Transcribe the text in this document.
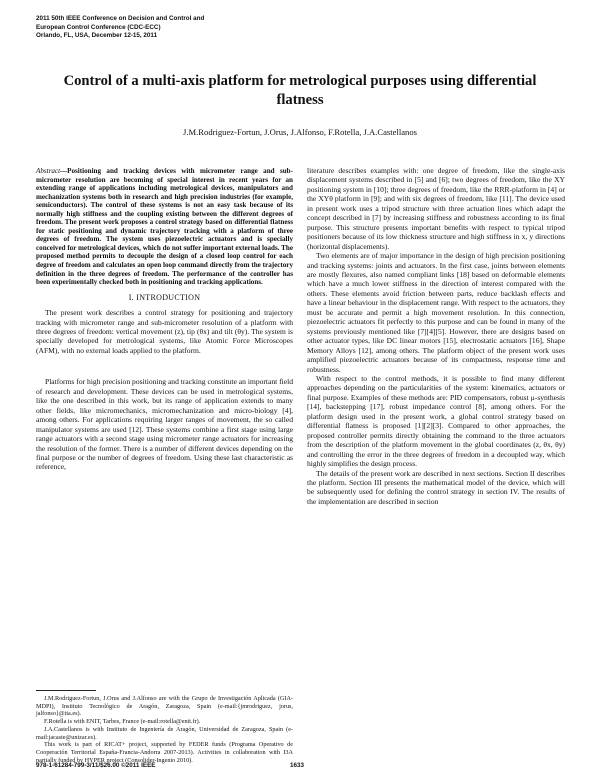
2011 50th IEEE Conference on Decision and Control and
European Control Conference (CDC-ECC)
Orlando, FL, USA, December 12-15, 2011
Control of a multi-axis platform for metrological purposes using differential flatness
J.M.Rodriguez-Fortun, J.Orus, J.Alfonso, F.Rotella, J.A.Castellanos
Abstract—Positioning and tracking devices with micrometer range and sub-micrometer resolution are becoming of special interest in recent years for an extending range of applications including metrological devices, manipulators and mechanization systems both in research and high precision industries (for example, semiconductors). The control of these systems is not an easy task because of its normally high stiffness and the coupling existing between the different degrees of freedom. The present work proposes a control strategy based on differential flatness for static positioning and dynamic trajectory tracking with a platform of three degrees of freedom. The system uses piezoelectric actuators and is specially conceived for metrological devices, which do not suffer important external loads. The proposed method permits to decouple the design of a closed loop control for each degree of freedom and calculates an open loop command directly from the trajectory definition in the three degrees of freedom. The performance of the controller has been experimentally checked both in positioning and tracking applications.
I. INTRODUCTION

The present work describes a control strategy for positioning and trajectory tracking with micrometer range and sub-micrometer resolution of a platform with three degrees of freedom: vertical movement (z), tip (θx) and tilt (θy). The system is specially developed for metrological systems, like Atomic Force Microscopes (AFM), with no external loads applied to the platform.

Platforms for high precision positioning and tracking constitute an important field of research and development. These devices can be used in metrological systems, like the one described in this work, but its range of application extends to many other fields, like micromechanics, micromechanization and micro-biology [4], among others. For applications requiring larger ranges of movement, the so called manipulator systems are used [12]. These systems combine a first stage using large range actuators with a second stage using micrometer range actuators for increasing the resolution of the former. There is a number of different devices depending on the final purpose or the number of degrees of freedom. Using these last characteristic as reference,

J.M.Rodriguez-Fortun, J.Orus and J.Alfonso are with the Grupo de Investigación Aplicada (GIA-MDPI), Instituto Tecnológico de Aragón, Zaragoza, Spain (e-mail:{jmrodriguez, jorus, jalfonso}@ita.es).

F.Rotella is with ENIT, Tarbes, France (e-mail:rotella@enit.fr).

J.A.Castellanos is with Instituto de Ingeniería de Aragón, Universidad de Zaragoza, Spain (e-mail:jacaste@unizar.es).

This work is part of RICAT+ project, supported by FEDER funds (Programa Operativo de Cooperación Territorial España-Francia-Andorra 2007-2013). Activities in collaboration with I3A partially funded by HYPER project (Consolider-Ingenio 2010).

literature describes examples with: one degree of freedom, like the single-axis displacement systems described in [5] and [6]; two degrees of freedom, like the XY positioning system in [10]; three degrees of freedom, like the RRR-platform in [4] or the XYθ platform in [9]; and with six degrees of freedom, like [11]. The device used in present work uses a tripod structure with three actuation lines which adapt the concept described in [7] by increasing stiffness and robustness according to its final purpose. This structure presents important benefits with respect to typical tripod positioners because of its low thickness structure and high stiffness in x, y directions (horizontal displacements).

Two elements are of major importance in the design of high precision positioning and tracking systems: joints and actuators. In the first case, joints between elements are mostly flexures, also named compliant links [18] based on deformable elements which have a much lower stiffness in the direction of interest compared with the others. These elements avoid friction between parts, reduce backlash effects and have a linear behaviour in the displacement range. With respect to the actuators, they must be accurate and permit a high movement resolution. In this connection, piezoelectric actuators fit perfectly to this purpose and can be found in many of the systems previously mentioned like [7][4][5]. However, there are designs based on other actuator types, like DC linear motors [15], electrostatic actuators [16], Shape Memory Alloys [12], among others. The platform object of the present work uses amplified piezoelectric actuators because of its compactness, response time and robustness.

With respect to the control methods, it is possible to find many different approaches depending on the particularities of the system: kinematics, actuators or final purpose. Examples of these methods are: PID compensators, robust μ-synthesis [14], backstepping [17], robust impedance control [8], among others. For the platform design used in the present work, a global control strategy based on differential flatness is proposed [1][2][3]. Compared to other approaches, the proposed controller permits directly obtaining the command to the three actuators from the description of the platform movement in the global coordinates (z, θx, θy) and controlling the error in the three degrees of freedom in a decoupled way, which highly simplifies the design process.

The details of the present work are described in next sections. Section II describes the platform. Section III presents the mathematical model of the device, which will be subsequently used for defining the control strategy in section IV. The results of the implementation are described in section

978-1-61284-799-3/11/$26.00 ©2011 IEEE	1633
